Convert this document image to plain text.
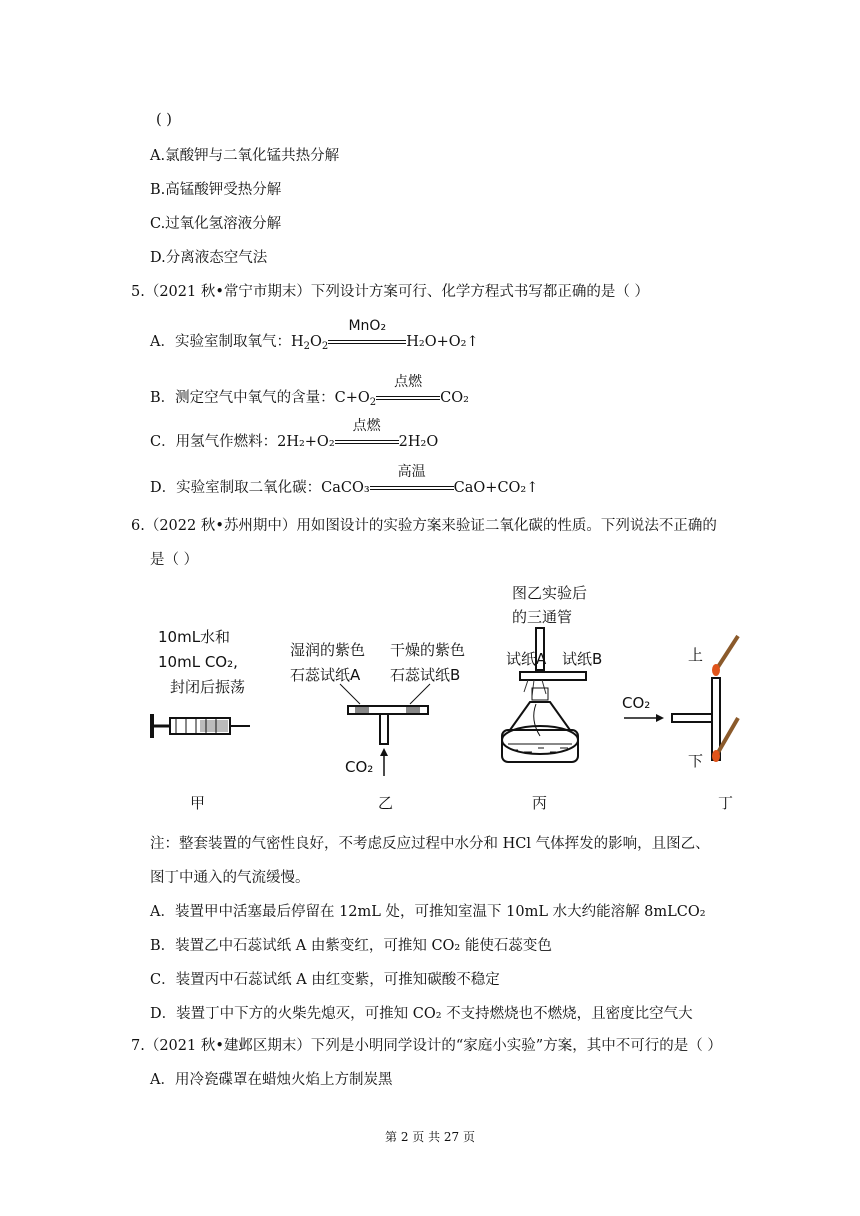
( )
A.氯酸钾与二氧化锰共热分解
B.高锰酸钾受热分解
C.过氧化氢溶液分解
D.分离液态空气法
5.（2021 秋•常宁市期末）下列设计方案可行、化学方程式书写都正确的是（ ）
A．实验室制取氧气：$H_2O_2$
MnO₂
H₂O+O₂↑
B．测定空气中氧气的含量：$C+O_2$
点燃
CO₂
C．用氢气作燃料：2H₂+O₂
点燃
2H₂O
D．实验室制取二氧化碳：CaCO₃
高温
CaO+CO₂↑
6.（2022 秋•苏州期中）用如图设计的实验方案来验证二氧化碳的性质。下列说法不正确的
是（ ）
10mL水和
10mL CO₂,
封闭后振荡
湿润的紫色
石蕊试纸A
干燥的紫色
石蕊试纸B
CO₂
图乙实验后
的三通管
试纸A 试纸B
CO₂
上
下
甲	乙	丙	丁
注：整套装置的气密性良好，不考虑反应过程中水分和 HCl 气体挥发的影响，且图乙、
图丁中通入的气流缓慢。
A．装置甲中活塞最后停留在 12mL 处，可推知室温下 10mL 水大约能溶解 8mLCO₂
B．装置乙中石蕊试纸 A 由紫变红，可推知 CO₂ 能使石蕊变色
C．装置丙中石蕊试纸 A 由红变紫，可推知碳酸不稳定
D．装置丁中下方的火柴先熄灭，可推知 CO₂ 不支持燃烧也不燃烧，且密度比空气大
7.（2021 秋•建邺区期末）下列是小明同学设计的“家庭小实验”方案，其中不可行的是（ ）
A．用冷瓷碟罩在蜡烛火焰上方制炭黑
第 2 页 共 27 页
